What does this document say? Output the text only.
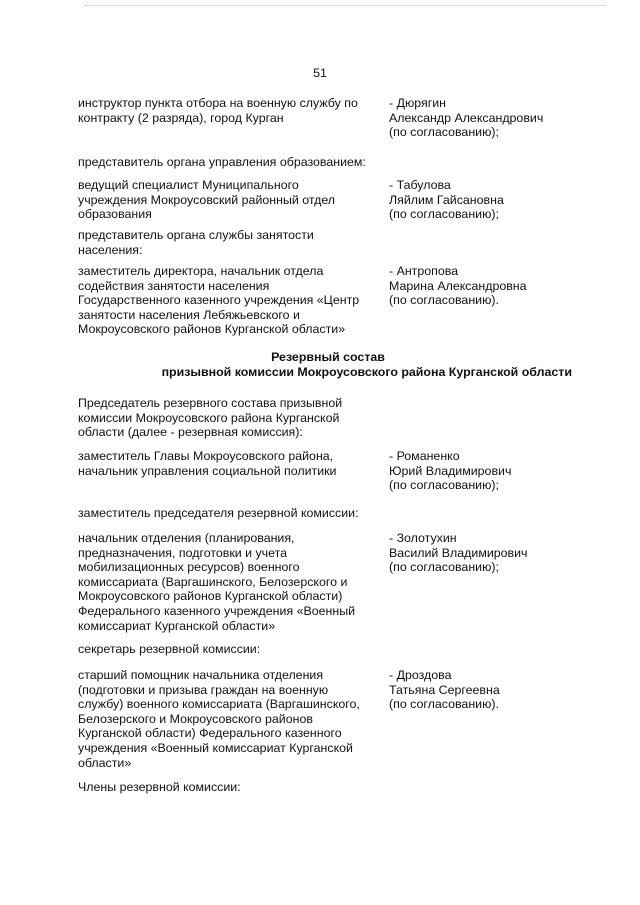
51
инструктор пункта отбора на военную службу по
контракту (2 разряда), город Курган
- Дюрягин
Александр Александрович
(по согласованию);
представитель органа управления образованием:
ведущий специалист Муниципального
учреждения Мокроусовский районный отдел
образования
- Табулова
Ляйлим Гайсановна
(по согласованию);
представитель органа службы занятости
населения:
заместитель директора, начальник отдела
содействия занятости населения
Государственного казенного учреждения «Центр
занятости населения Лебяжьевского и
Мокроусовского районов Курганской области»
- Антропова
Марина Александровна
(по согласованию).
Резервный состав
призывной комиссии Мокроусовского района Курганской области
Председатель резервного состава призывной
комиссии Мокроусовского района Курганской
области (далее - резервная комиссия):
заместитель Главы Мокроусовского района,
начальник управления социальной политики
- Романенко
Юрий Владимирович
(по согласованию);
заместитель председателя резервной комиссии:
начальник отделения (планирования,
предназначения, подготовки и учета
мобилизационных ресурсов) военного
комиссариата (Варгашинского, Белозерского и
Мокроусовского районов Курганской области)
Федерального казенного учреждения «Военный
комиссариат Курганской области»
- Золотухин
Василий Владимирович
(по согласованию);
секретарь резервной комиссии:
старший помощник начальника отделения
(подготовки и призыва граждан на военную
службу) военного комиссариата (Варгашинского,
Белозерского и Мокроусовского районов
Курганской области) Федерального казенного
учреждения «Военный комиссариат Курганской
области»
- Дроздова
Татьяна Сергеевна
(по согласованию).
Члены резервной комиссии:
